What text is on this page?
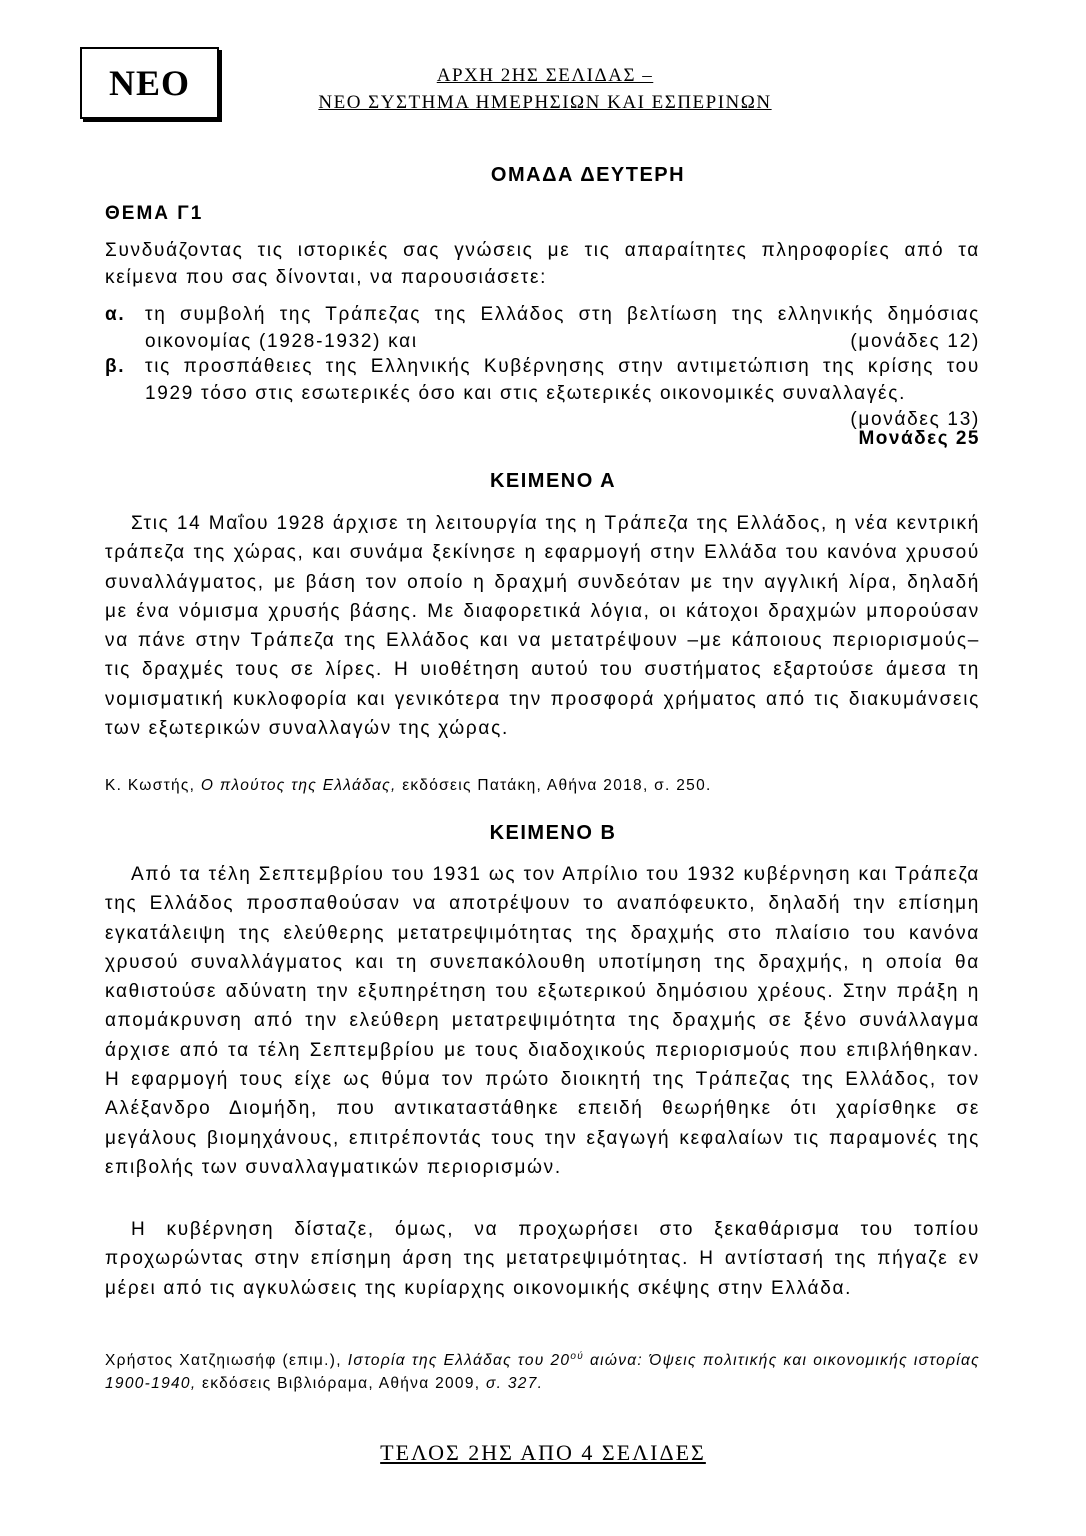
ΝΕΟ	ΑΡΧΗ 2ΗΣ ΣΕΛΙΔΑΣ –
ΝΕΟ ΣΥΣΤΗΜΑ ΗΜΕΡΗΣΙΩΝ ΚΑΙ ΕΣΠΕΡΙΝΩΝ
ΟΜΑΔΑ ΔΕΥΤΕΡΗ
ΘΕΜΑ Γ1
Συνδυάζοντας τις ιστορικές σας γνώσεις με τις απαραίτητες πληροφορίες από τα κείμενα που σας δίνονται, να παρουσιάσετε:
α. τη συμβολή της Τράπεζας της Ελλάδος στη βελτίωση της ελληνικής δημόσιας οικονομίας (1928-1932) και	(μονάδες 12)
β. τις προσπάθειες της Ελληνικής Κυβέρνησης στην αντιμετώπιση της κρίσης του 1929 τόσο στις εσωτερικές όσο και στις εξωτερικές οικονομικές συναλλαγές.
(μονάδες 13)
Μονάδες 25
ΚΕΙΜΕΝΟ Α
Στις 14 Μαΐου 1928 άρχισε τη λειτουργία της η Τράπεζα της Ελλάδος, η νέα κεντρική τράπεζα της χώρας, και συνάμα ξεκίνησε η εφαρμογή στην Ελλάδα του κανόνα χρυσού συναλλάγματος, με βάση τον οποίο η δραχμή συνδεόταν με την αγγλική λίρα, δηλαδή με ένα νόμισμα χρυσής βάσης. Με διαφορετικά λόγια, οι κάτοχοι δραχμών μπορούσαν να πάνε στην Τράπεζα της Ελλάδος και να μετατρέψουν –με κάποιους περιορισμούς– τις δραχμές τους σε λίρες. Η υιοθέτηση αυτού του συστήματος εξαρτούσε άμεσα τη νομισματική κυκλοφορία και γενικότερα την προσφορά χρήματος από τις διακυμάνσεις των εξωτερικών συναλλαγών της χώρας.
Κ. Κωστής, Ο πλούτος της Ελλάδας, εκδόσεις Πατάκη, Αθήνα 2018, σ. 250.
ΚΕΙΜΕΝΟ Β
Από τα τέλη Σεπτεμβρίου του 1931 ως τον Απρίλιο του 1932 κυβέρνηση και Τράπεζα της Ελλάδος προσπαθούσαν να αποτρέψουν το αναπόφευκτο, δηλαδή την επίσημη εγκατάλειψη της ελεύθερης μετατρεψιμότητας της δραχμής στο πλαίσιο του κανόνα χρυσού συναλλάγματος και τη συνεπακόλουθη υποτίμηση της δραχμής, η οποία θα καθιστούσε αδύνατη την εξυπηρέτηση του εξωτερικού δημόσιου χρέους. Στην πράξη η απομάκρυνση από την ελεύθερη μετατρεψιμότητα της δραχμής σε ξένο συνάλλαγμα άρχισε από τα τέλη Σεπτεμβρίου με τους διαδοχικούς περιορισμούς που επιβλήθηκαν. Η εφαρμογή τους είχε ως θύμα τον πρώτο διοικητή της Τράπεζας της Ελλάδος, τον Αλέξανδρο Διομήδη, που αντικαταστάθηκε επειδή θεωρήθηκε ότι χαρίσθηκε σε μεγάλους βιομηχάνους, επιτρέποντάς τους την εξαγωγή κεφαλαίων τις παραμονές της επιβολής των συναλλαγματικών περιορισμών.
Η κυβέρνηση δίσταζε, όμως, να προχωρήσει στο ξεκαθάρισμα του τοπίου προχωρώντας στην επίσημη άρση της μετατρεψιμότητας. Η αντίστασή της πήγαζε εν μέρει από τις αγκυλώσεις της κυρίαρχης οικονομικής σκέψης στην Ελλάδα.
Χρήστος Χατζηιωσήφ (επιμ.), Ιστορία της Ελλάδας του $20^{oύ}$ αιώνα: Όψεις πολιτικής και οικονομικής ιστορίας 1900-1940, εκδόσεις Βιβλιόραμα, Αθήνα 2009, σ. 327.
ΤΕΛΟΣ 2ΗΣ ΑΠΟ 4 ΣΕΛΙΔΕΣ
